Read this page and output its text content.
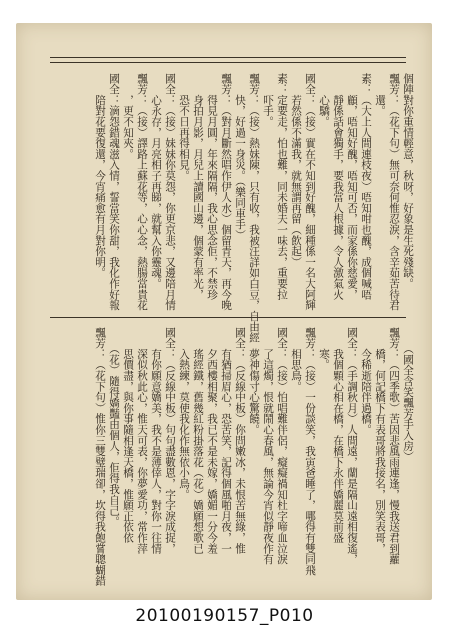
個陣對你重情輕意，秋呀，好象是生死殘缺。
飄芳：（花下句）無可奈何惟忍淚，含辛茹苦待君
　　還。
素：（大上人間連枝夜）唔知咁也醜，成個喊唔
　　顧，唔知好醜，唔知可否，而家係你慈愛，
　　靜係話會獨手，要我當人根據，令人激氣火
　　心驕。
國全：（接）實在不知到好醜，細種係一名大阿輝
　　若然係不滿我，就無謂再留（飲起）
素：定要走，怕也難，同未婚夫一味去，重要拉
　　吓手。
飄芳：（接）熱妹陳，只有收，我被汪詳如白豆，自由經
　　快，好過一身災。（樂同車手）
飄芳：（對月斷然唱作伊人水）個留青天，再今晚
　　得見月圓，年來隔隔，我心思念佢，不禁珍
　　身拍月影，月兒上讀國山邊，個蒙有率光，
　　恐不日再得相見。
國全：（接）妹妹你莫怨，你更京悲，又邊陪月情
　　心永存，月亮相子再睇，就幫入你靈魂。
飄芳：（接）譯路上蘇花等，心心念，熱腸當貴花
　　，更不知夾。
國全：滴怨錯魂滋入情，誓當笑你甜，我化作好報
　　陪對花要復還，今宵痛愈有月對你明。
　　（國全含笑飄芳手入房）
飄芳：（四季歌）苦因悲風雨連逢，慢我送君到蘿
　　橋，何記橋下有表哥將我接名，別笑表哥，
　　今稀逝陪伴過橋。
國全：（手調秋月）人間遠，蘭是隔山遠相復遙，
　　我個顆心相在橋，在橋下永伴嬌麗莫前盛
　　寒。
飄芳：（接）一份談笑，我寅爸睡了，哪得有雙同飛
　　相思鳥。
國全：（接）怕唱難伴侶，癡癡禍知杜字啼血泣淚
　　了這燭，恨就鬧心春風，無論今宵似靜夜作有
　　夢神傷寸心驚饒。
國全：（反線中板）你問嫩冰，未恨苦無綠，惟
　　有猶掃眉心，恐苦笑，記得個風啪月夜，一
　　夕西樓相聚，我已不是未嫁，嬌媚一分今羞
　　瑤經鐵，舊幾紅粉掛落花（花）嬌願想歌已
　　入熱練，莫使我化作無依小鳥。
國全：（反線中板）句句盡數恩，字字淚成捉，
　　有你願意嬌美，我不是薄倖人，對你一往情
　　深似秋此心，惟天可表，你夢愛功，常作萍
　　思價盡，與你事隨相逢天橋，惟願正依依
　　（花）隨得嬌豔由個人，佢得我自己。
飄芳：（花下句）惟你三雙璧瑞卻，坎得我飽嘗聰蝴錯
20100190157_P010
